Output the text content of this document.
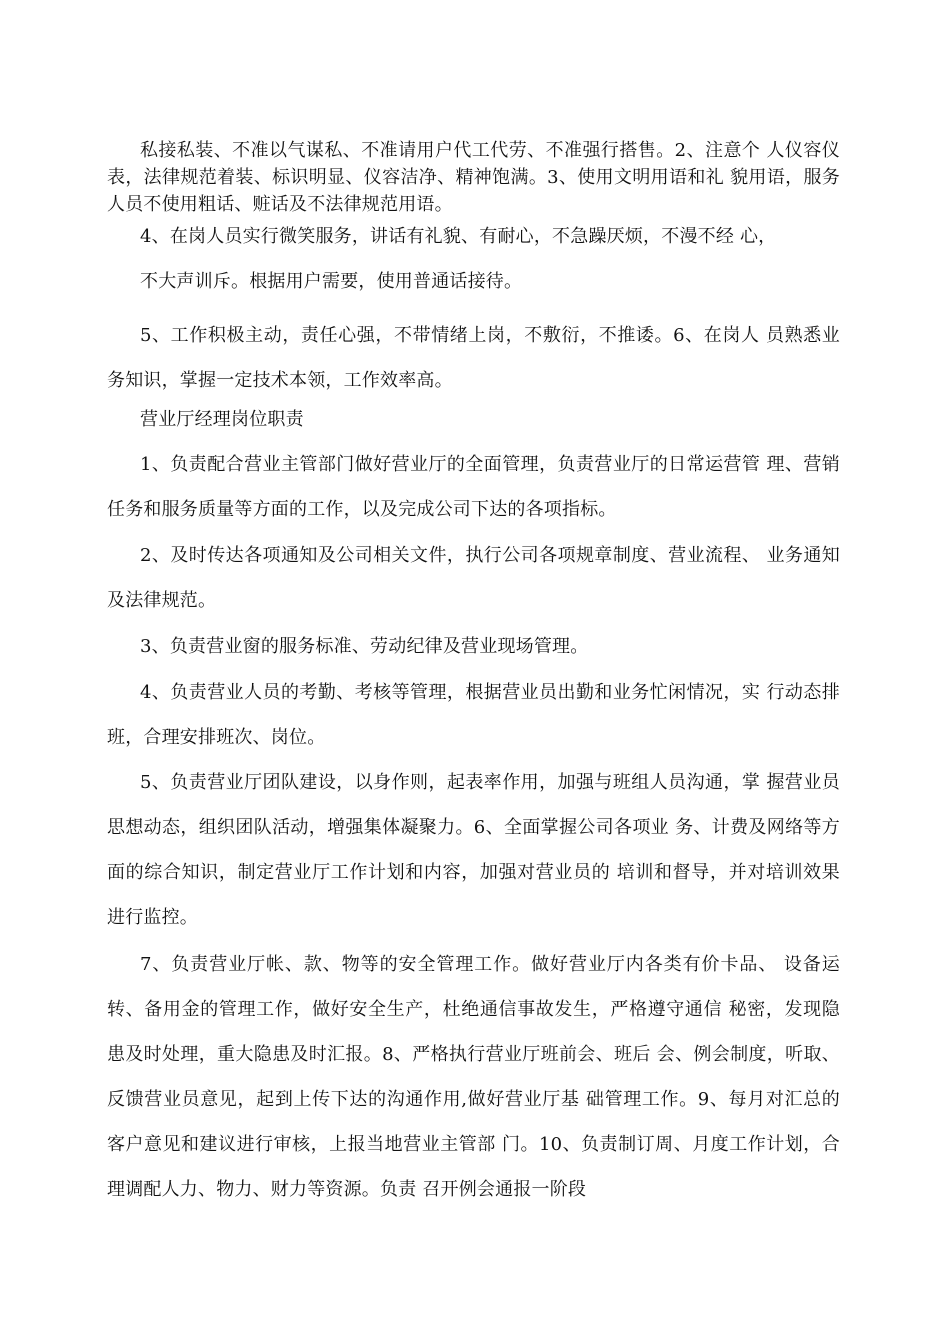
私接私装、不准以气谋私、不准请用户代工代劳、不准强行搭售。2、注意个 人仪容仪表，法律规范着装、标识明显、仪容洁净、精神饱满。3、使用文明用语和礼 貌用语，服务人员不使用粗话、赃话及不法律规范用语。

4、在岗人员实行微笑服务，讲话有礼貌、有耐心，不急躁厌烦，不漫不经 心，

不大声训斥。根据用户需要，使用普通话接待。

5、工作积极主动，责任心强，不带情绪上岗，不敷衍，不推诿。6、在岗人 员熟悉业务知识，掌握一定技术本领，工作效率高。

营业厅经理岗位职责

1、负责配合营业主管部门做好营业厅的全面管理，负责营业厅的日常运营管 理、营销任务和服务质量等方面的工作，以及完成公司下达的各项指标。

2、及时传达各项通知及公司相关文件，执行公司各项规章制度、营业流程、 业务通知及法律规范。

3、负责营业窗的服务标准、劳动纪律及营业现场管理。

4、负责营业人员的考勤、考核等管理，根据营业员出勤和业务忙闲情况，实 行动态排班，合理安排班次、岗位。

5、负责营业厅团队建设，以身作则，起表率作用，加强与班组人员沟通，掌 握营业员思想动态，组织团队活动，增强集体凝聚力。6、全面掌握公司各项业 务、计费及网络等方面的综合知识，制定营业厅工作计划和内容，加强对营业员的 培训和督导，并对培训效果进行监控。

7、负责营业厅帐、款、物等的安全管理工作。做好营业厅内各类有价卡品、 设备运转、备用金的管理工作，做好安全生产，杜绝通信事故发生，严格遵守通信 秘密，发现隐患及时处理，重大隐患及时汇报。8、严格执行营业厅班前会、班后 会、例会制度，听取、反馈营业员意见，起到上传下达的沟通作用,做好营业厅基 础管理工作。9、每月对汇总的客户意见和建议进行审核，上报当地营业主管部 门。10、负责制订周、月度工作计划，合理调配人力、物力、财力等资源。负责 召开例会通报一阶段
